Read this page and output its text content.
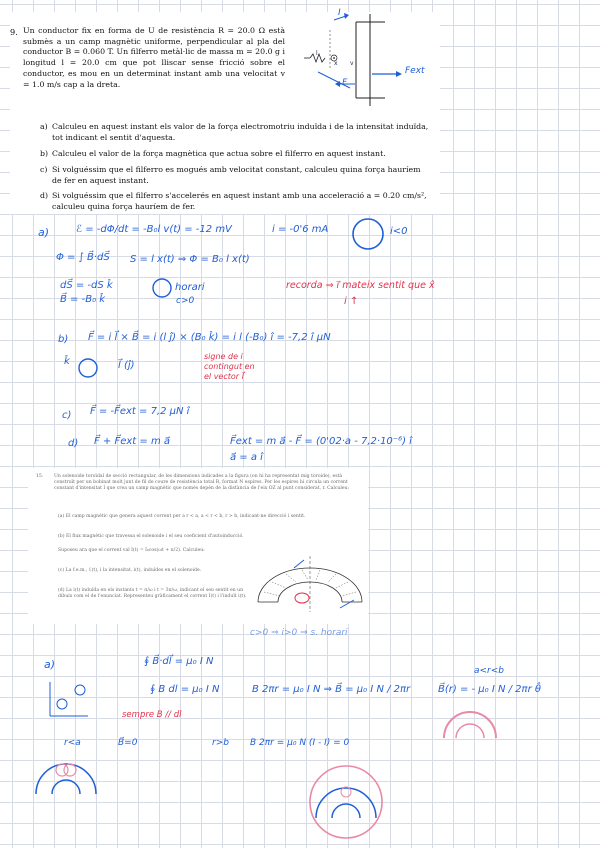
9. Un conductor fix en forma de U de resistència R = 20.0 Ω està submès a un camp magnètic uniforme, perpendicular al pla del conductor B = 0.060 T. Un filferro metàl·lic de massa m = 20.0 g i longitud l = 20.0 cm que pot lliscar sense fricció sobre el conductor, es mou en un determinat instant amb una velocitat v = 1.0 m/s cap a la dreta.
I
Fext
F
l
v
x
a) Calculeu en aquest instant els valor de la força electromotriu induïda i de la intensitat induïda, tot indicant el sentit d'aquesta.
b) Calculeu el valor de la força magnètica que actua sobre el filferro en aquest instant.
c) Si volguéssim que el filferro es mogués amb velocitat constant, calculeu quina força hauríem de fer en aquest instant.
d) Si volguéssim que el filferro s'accelerés en aquest instant amb una acceleració a = 0.20 cm/s², calculeu quina força hauríem de fer.
a)	ℰ = -dΦ/dt = -B₀l v(t) = -12 mV	i = -0'6 mA	i<0
Φ = ∫ B⃗·dS⃗ S = l x(t) ⇒ Φ = B₀ l x(t)
horari
c>0
dS⃗ = -dS k̂
B⃗ = -B₀ k̂
recorda ⇒ i⃗ mateix sentit que x̂
i ↑
b) F⃗ = i l⃗ × B⃗ = i (l ĵ) × (B₀ k̂) = i l (-B₀) î = -7,2 î μN
k̂	l⃗ (ĵ)
signe de i
contingut en
el vector l⃗
c) F⃗ = -F⃗ext = 7,2 μN î
d) F⃗ + F⃗ext = m a⃗	F⃗ext = m a⃗ - F⃗ = (0'02·a - 7,2·10⁻⁶) î
a⃗ = a î
15. Un solenoide toroïdal de secció rectangular, de les dimensions indicades a la figura (on hi ha representat mig toroide), està construït per un bobinat molt junt de fil de coure de resistència total R, format N espires. Per les espires hi circula un corrent constant d'intensitat I que crea un camp magnètic que només depèn de la distància de l'eix OZ al punt considerat, r. Calculeu:
(a) El camp magnètic que genera aquest corrent per a r < a, a < r < b, r > b, indicant-ne direcció i sentit.
(b) El flux magnètic que travessa el solenoide i el seu coeficient d'autoinducció.
Suposeu ara que el corrent val I(t) = I₀cos(ωt + π/2). Calculeu:
(c) La f.e.m., ℰ(t), i la intensitat, i(t), induïdes en el solenoide.
(d) La i(t) induïda en els instants t = π/ω i t = 3π/ω, indicant el seu sentit en un dibuix com el de l'enunciat. Representeu gràficament el corrent I(t) i l'induït i(t).
c>0 ⇒ i>0 ⇒ s. horari
a)	∮ B⃗·dl⃗ = μ₀ I N
∮ B dl = μ₀ I N	B 2πr = μ₀ I N ⇒ B⃗ = μ₀ I N / 2πr	B⃗(r) = - μ₀ I N / 2πr θ̂
a<r<b
sempre B // dl
r<a	B⃗=0	r>b B 2πr = μ₀ N (I - I) = 0
